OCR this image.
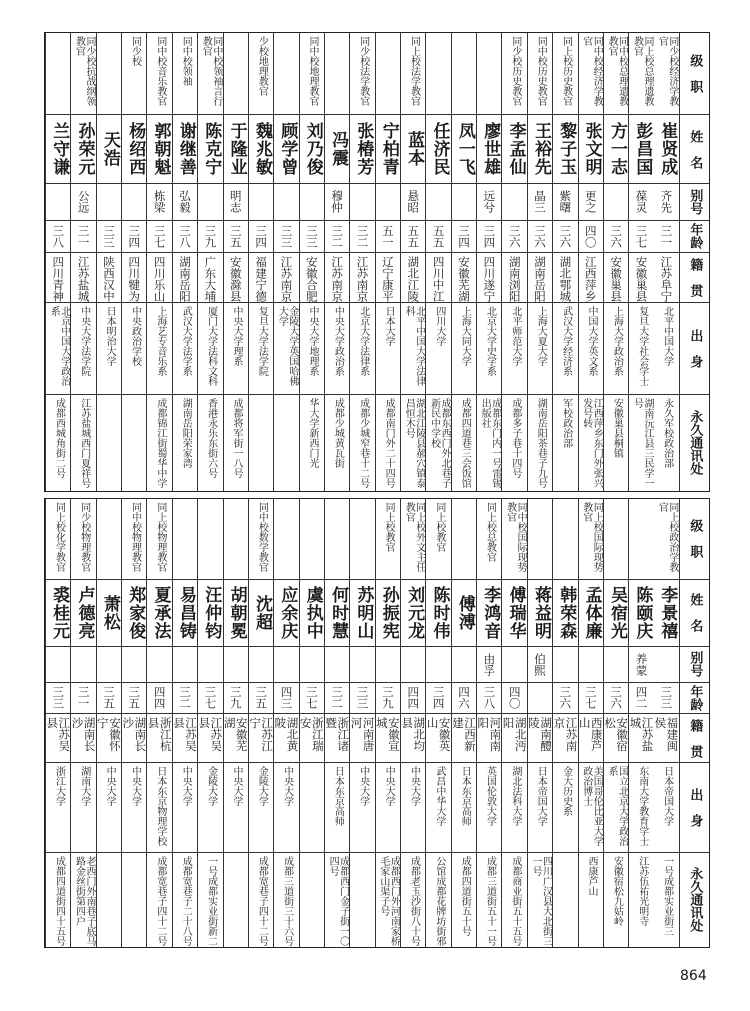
同少校经济学教官
崔贤成
齐先
三一
江苏阜宁
北平中国大学
永久军校政治部
同上校总理遗教教官
彭昌国
葆灵
三七
安徽巢县
复旦大学社会学士
湖南沅江县三民学一号
同中校总理遗教教官
方一志
三六
安徽巢县
上海大学政治系
安徽巢县桐镇
同中校经济学教官
张文明
更之
四〇
江西萍乡
中国大学英文系
江西萍乡东门外张兴发号转
同上校历史教官
黎子玉
紫曙
三六
湖北鄂城
武汉大学经济系
军校政治部
同中校历史教官
王裕先
晶三
三六
湖南岳阳
上海大夏大学
湖南岳阳茶巷子九号
同少校历史教官
李孟仙
三六
湖南浏阳
北平师范大学
成都多子巷十四号
廖世雄
远兮
三四
四川遂宁
北京大学史学系
成都东门内一号雷锡出版社
凤一飞
三四
安徽芜湖
上海大同大学
成都四道巷三会饭馆
任济民
五五
四川中江
四川大学
成都东西门外北巷子新民中学校
同上校法学教官
蓝本
悬昭
五五
湖北江陵
北平中国大学法律科
湖北江陵县郝穴镇泰昌恒木号
宁柏青
五一
辽宁康平
日本大学
成都南门外二十四号
同少校法学教官
张椿芳
三二
江苏南京
北京大学法律系
成都少城窄巷十二号
冯震
穆仲
三二
江苏南京
中央大学政治系
成都少城黄瓦街
同中校地理教官
刘乃俊
三三
安徽合肥
中央大学地理系
华大学新西门光
顾学曾
三三
江苏南京
金陵大学英国哈佛大学
少校地理教官
魏兆敏
三四
福建宁德
复旦大学法学院
于隆业
明志
三五
安徽滁县
中央大学理系
成都将军街一八号
同中校领袖言行教官
陈克宁
三九
广东大埔
厦门大学法科文科
香港永乐东街六号
同中校领袖
谢继善
弘毅
三八
湖南岳阳
武汉大学法学系
湖南岳阳荣家湾
同中校音乐教官
郭朝魁
栋梁
三七
四川乐山
上海艺专音乐系
成都锦江街蜀华中学
同少校
杨绍西
三四
四川犍为
中央政治学校
天浩
三三
陕西汉中
日本明治大学
同少校抗战纲领教官
孙荣元
公远
三一
江苏盐城
中央大学法学院
江苏盐城西门夏祥号
兰守谦
三八
四川青神
北京中国大学政治系
成都西城角街二号
级　职
姓　名
别号
年龄
籍　贯
出　身
永久通讯处
同上校政治学教官
李景禧
三三
福建闽侯
日本帝国大学
一号成都实业街三
陈颐庆
养蒙
四二
江苏盐城
东南大学教育学士
江苏伍祐光明寺
吴宿光
三六
安徽宿松
国立北京大学政治系
安徽宿松九姑岭
同上校国际现势教官
孟体廉
三七
西康芦山
美国哥伦比亚大学政治博士
西康芦山
韩荣森
三六
江苏南京
金大历史系
蒋益明
伯熙
湖南醴陵
日本帝国大学
四川广汉县大北街三一号
同中校国际现势教官
傅瑞华
四〇
湖北沔阳
湖北法科大学
成都商业街五十五号
同上校总教官
李鸿音
由孚
三八
河南南阳
英国伦敦大学
成都三道街五十一号
傅溥
四六
江西新建
日本东京高师
成都四道街五十号
同上校教官
陈时伟
三四
安徽英山
武昌中华大学
公馆成都花牌坊街邪
同上校外文主任教官
刘元龙
四四
湖北均县
中央大学
成都老玉沙街八十号
同上校教官
孙振宪
三九
安徽宣城
中央大学
成都西门外河南家桥毛家山渠子号
苏明山
三三
河南唐河
中央大学
何时慧
三二
浙江诸暨
日本东京高师
成都西门金子街一〇四号
虞执中
三七
浙江瑞安
应余庆
四三
湖北黄陂
中央大学
成都三道街三十六号
同中校数学教官
沈超
三五
江苏江宁
金陵大学
成都宽巷子四十二号
胡朝冕
三九
安徽芜湖
中央大学
汪仲钧
三七
江苏吴县
金陵大学
一号成都实业街新二
易昌铸
三二
江苏吴县
中央大学
成都宽巷子二十八号
同上校物理教官
夏承法
四四
浙江杭县
日本东京物理学校
成都宽巷子四十二号
同中校物理教官
郑家俊
三五
湖南长沙
中央大学
萧松
三五
安徽怀宁
中央大学
同少校物理教官
卢德亮
三一
湖南长沙
湖南大学
老西门外南巷子底马路金丝街第四户
同上校化学教官
裘桂元
三三
江苏吴县
浙江大学
成都四道街四十五号
级　职
姓　名
别号
年龄
籍　贯
出　身
永久通讯处
864
